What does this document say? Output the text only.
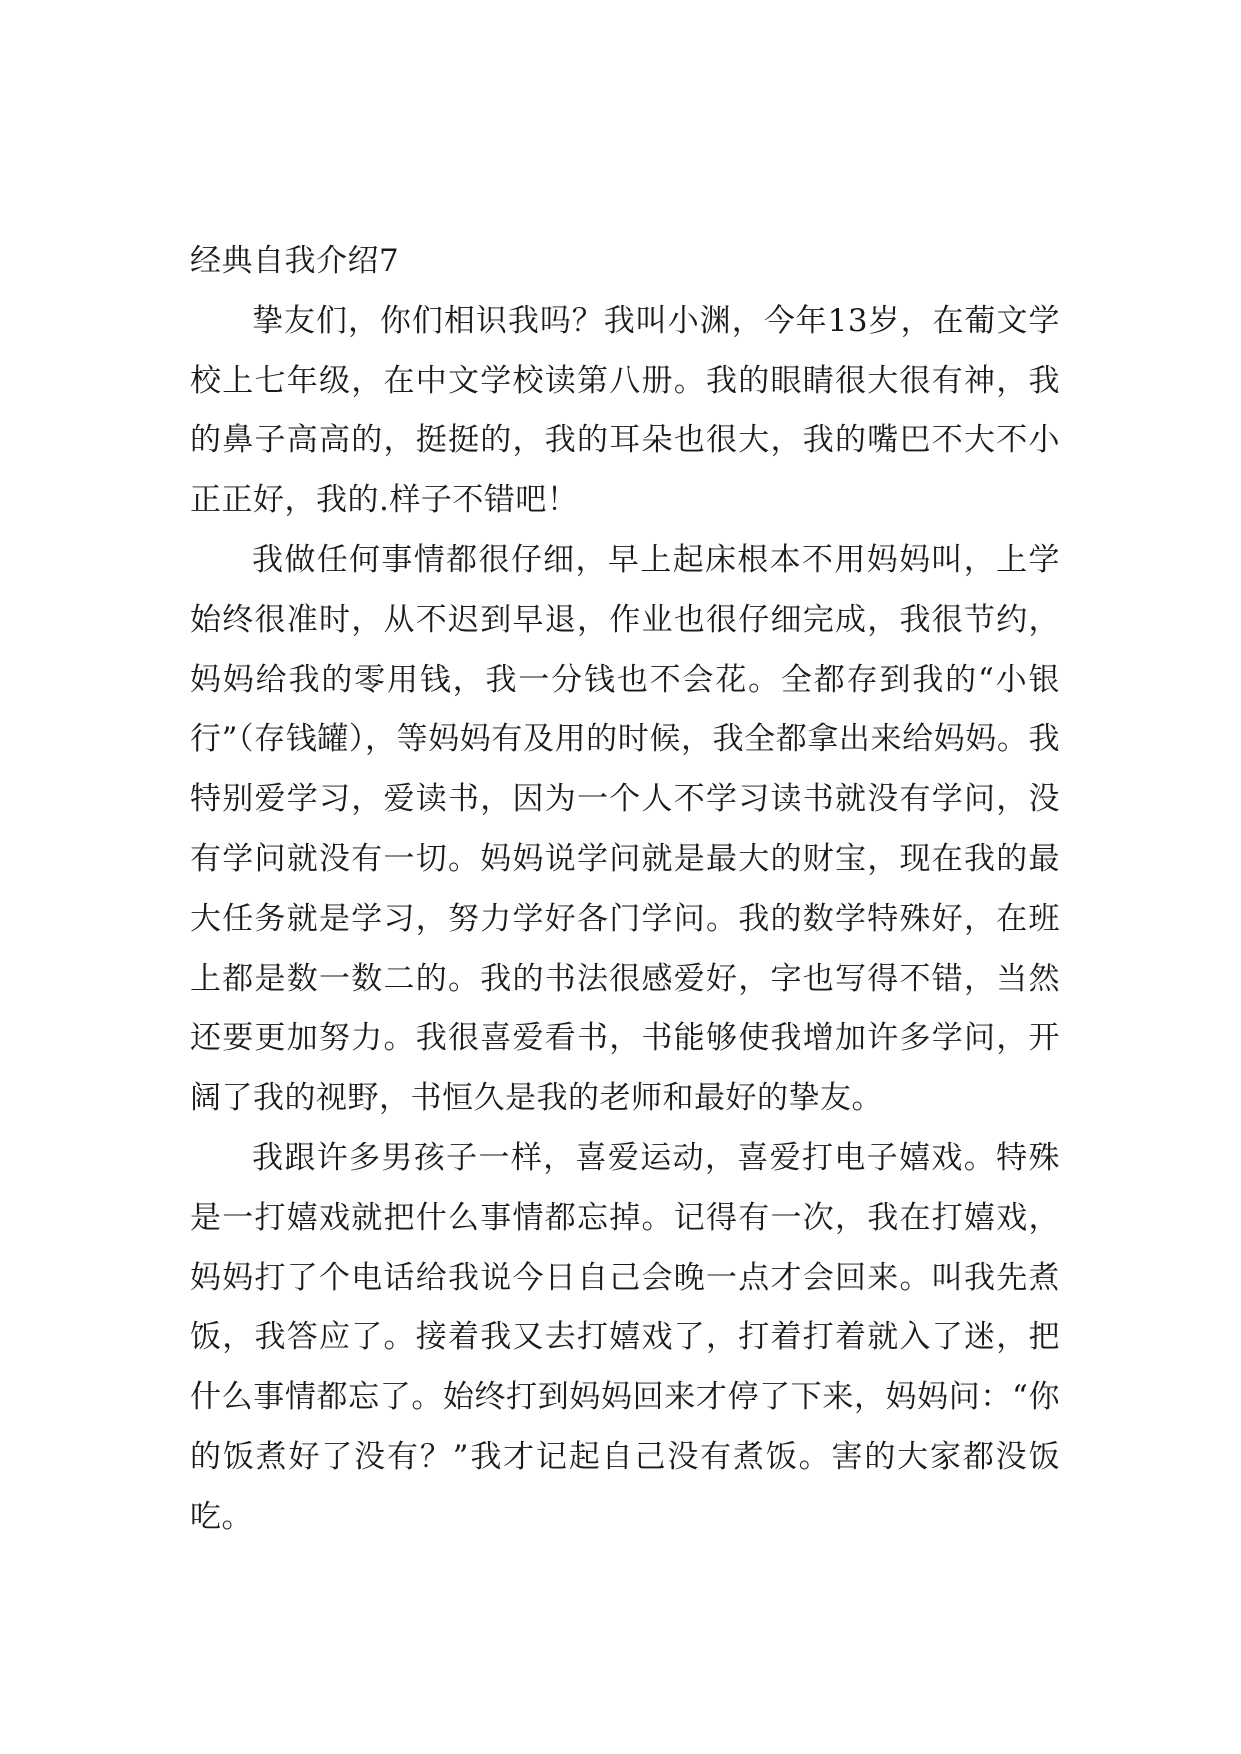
经典自我介绍7

挚友们，你们相识我吗？我叫小渊，今年13岁，在葡文学校上七年级，在中文学校读第八册。我的眼睛很大很有神，我的鼻子高高的，挺挺的，我的耳朵也很大，我的嘴巴不大不小正正好，我的.样子不错吧！

我做任何事情都很仔细，早上起床根本不用妈妈叫，上学始终很准时，从不迟到早退，作业也很仔细完成，我很节约，妈妈给我的零用钱，我一分钱也不会花。全都存到我的“小银行”（存钱罐），等妈妈有及用的时候，我全都拿出来给妈妈。我特别爱学习，爱读书，因为一个人不学习读书就没有学问，没有学问就没有一切。妈妈说学问就是最大的财宝，现在我的最大任务就是学习，努力学好各门学问。我的数学特殊好，在班上都是数一数二的。我的书法很感爱好，字也写得不错，当然还要更加努力。我很喜爱看书，书能够使我增加许多学问，开阔了我的视野，书恒久是我的老师和最好的挚友。

我跟许多男孩子一样，喜爱运动，喜爱打电子嬉戏。特殊是一打嬉戏就把什么事情都忘掉。记得有一次，我在打嬉戏，妈妈打了个电话给我说今日自己会晚一点才会回来。叫我先煮饭，我答应了。接着我又去打嬉戏了，打着打着就入了迷，把什么事情都忘了。始终打到妈妈回来才停了下来，妈妈问：“你的饭煮好了没有？”我才记起自己没有煮饭。害的大家都没饭吃。
